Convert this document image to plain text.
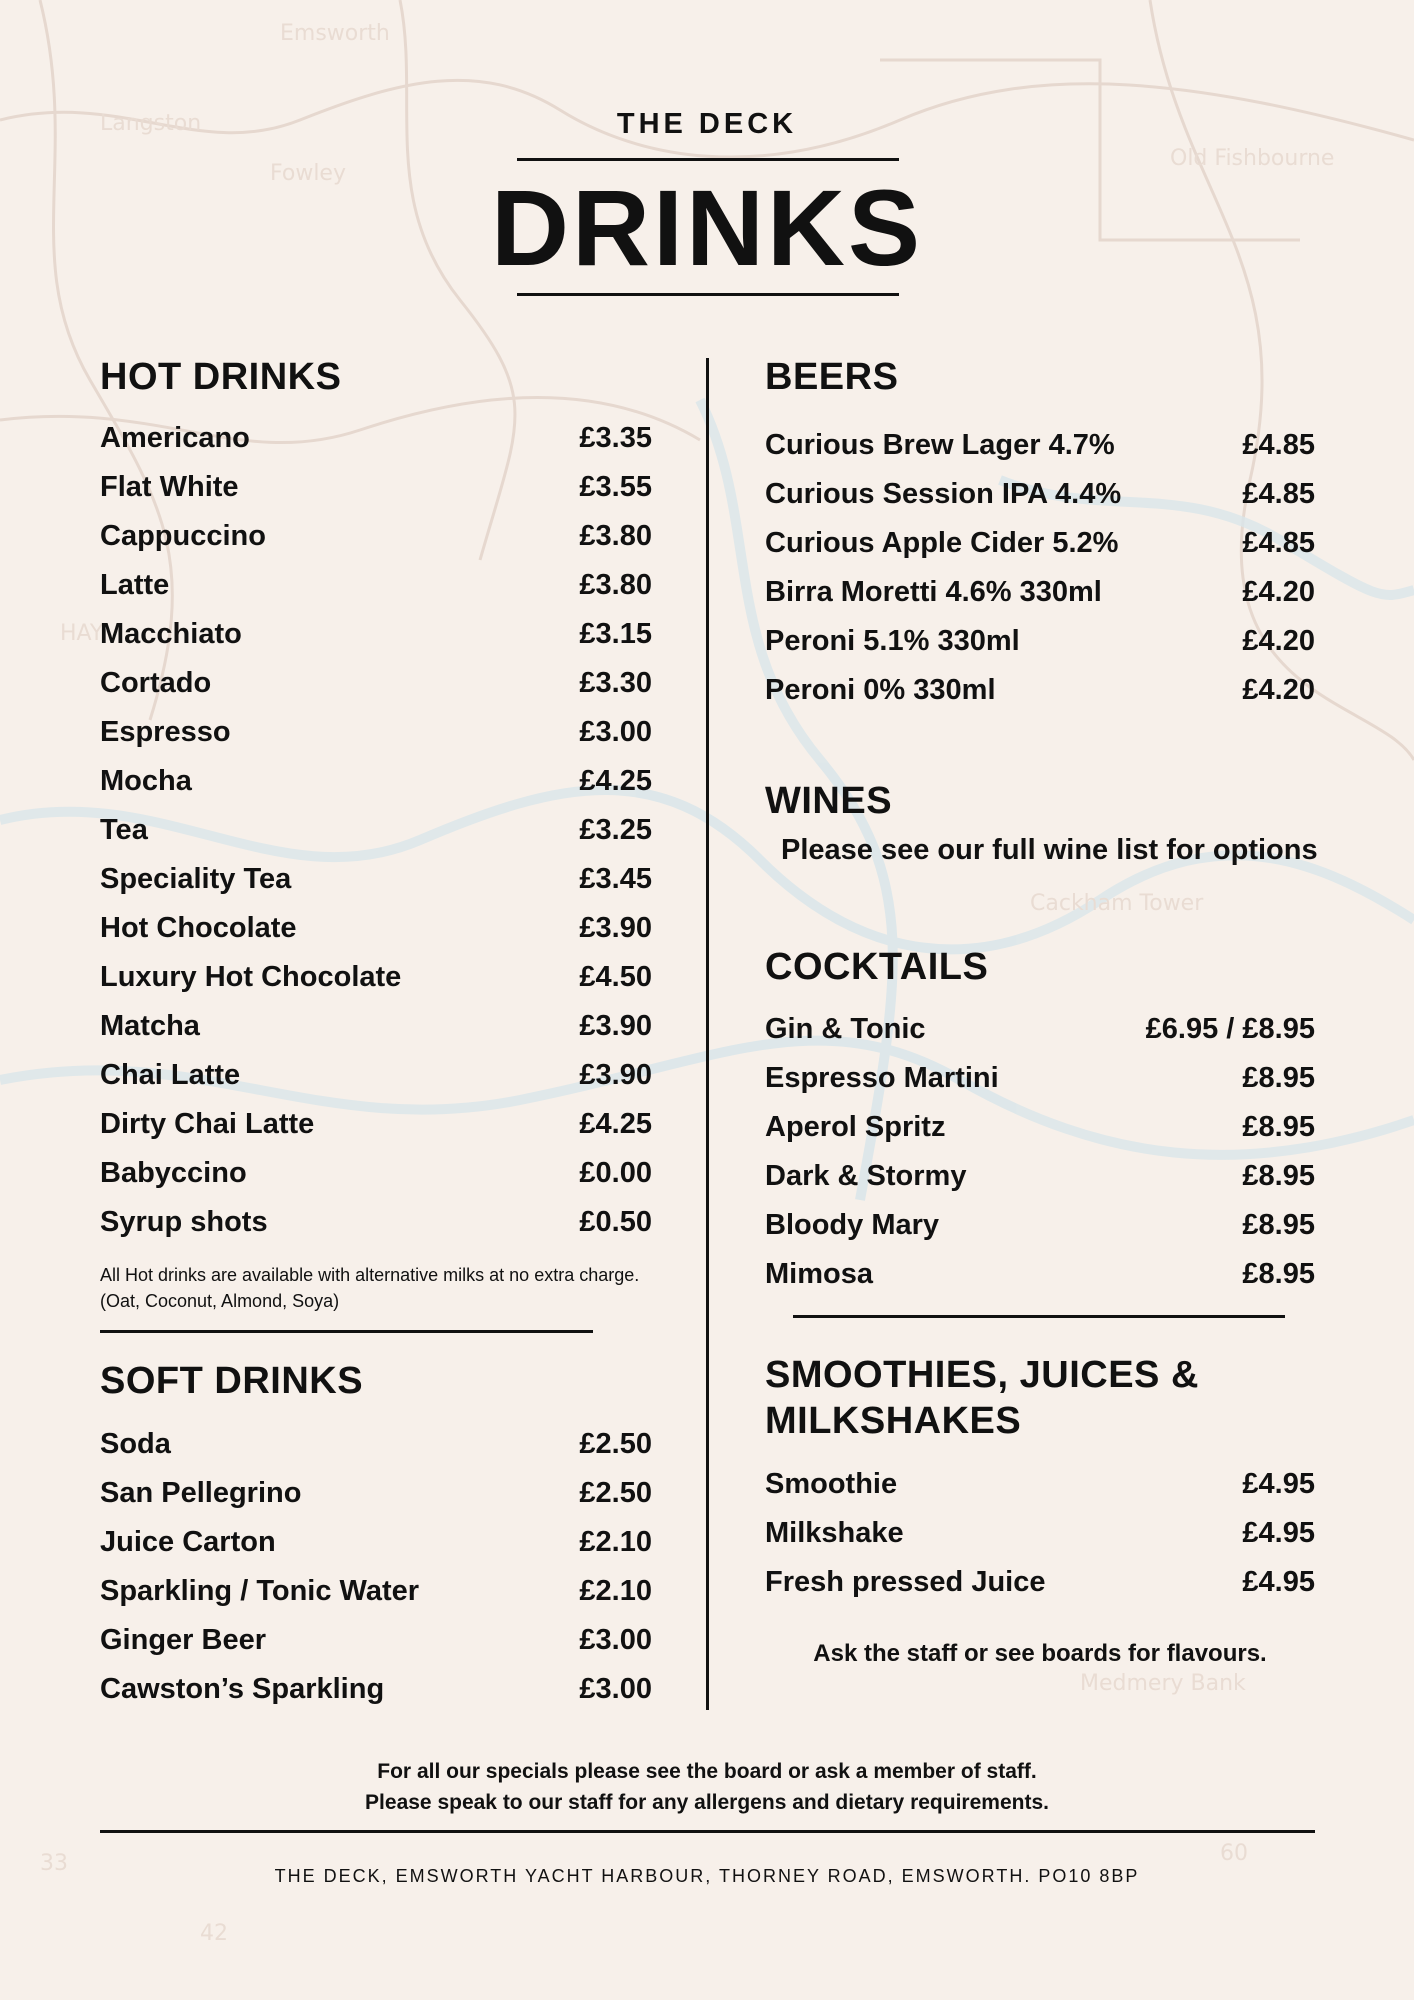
Emsworth
Langston
Fowley
Old Fishbourne
HAY
Cackham Tower
Medmery Bank
33
42
60
THE DECK
DRINKS
HOT DRINKS
Americano	£3.35
Flat White	£3.55
Cappuccino	£3.80
Latte	£3.80
Macchiato	£3.15
Cortado	£3.30
Espresso	£3.00
Mocha	£4.25
Tea	£3.25
Speciality Tea	£3.45
Hot Chocolate	£3.90
Luxury Hot Chocolate	£4.50
Matcha	£3.90
Chai Latte	£3.90
Dirty Chai Latte	£4.25
Babyccino	£0.00
Syrup shots	£0.50
All Hot drinks are available with alternative milks at no extra charge. (Oat, Coconut, Almond, Soya)
SOFT DRINKS
Soda	£2.50
San Pellegrino	£2.50
Juice Carton	£2.10
Sparkling / Tonic Water	£2.10
Ginger Beer	£3.00
Cawston’s Sparkling	£3.00
BEERS
Curious Brew Lager 4.7%	£4.85
Curious Session IPA 4.4%	£4.85
Curious Apple Cider 5.2%	£4.85
Birra Moretti 4.6% 330ml	£4.20
Peroni 5.1% 330ml	£4.20
Peroni 0% 330ml	£4.20
WINES
Please see our full wine list for options
COCKTAILS
Gin & Tonic	£6.95 / £8.95
Espresso Martini	£8.95
Aperol Spritz	£8.95
Dark & Stormy	£8.95
Bloody Mary	£8.95
Mimosa	£8.95
SMOOTHIES, JUICES &
MILKSHAKES
Smoothie	£4.95
Milkshake	£4.95
Fresh pressed Juice	£4.95
Ask the staff or see boards for flavours.
For all our specials please see the board or ask a member of staff.
Please speak to our staff for any allergens and dietary requirements.
THE DECK, EMSWORTH YACHT HARBOUR, THORNEY ROAD, EMSWORTH. PO10 8BP
